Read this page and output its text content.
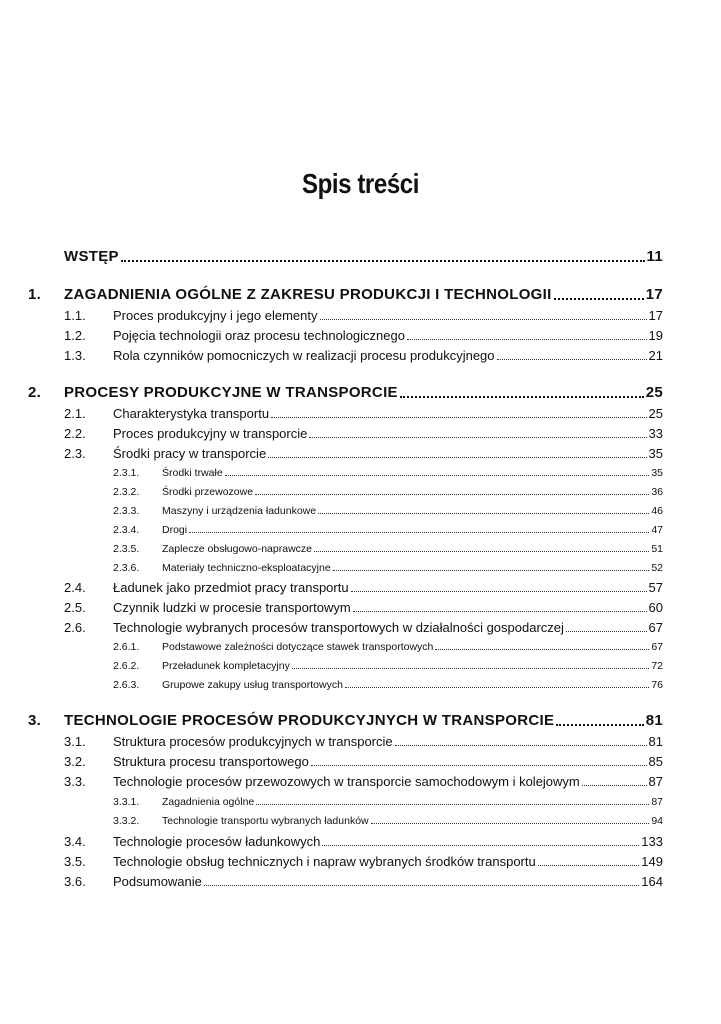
Spis treści
WSTĘP	11
1. ZAGADNIENIA OGÓLNE Z ZAKRESU PRODUKCJI I TECHNOLOGII	17
1.1. Proces produkcyjny i jego elementy	17
1.2. Pojęcia technologii oraz procesu technologicznego	19
1.3. Rola czynników pomocniczych w realizacji procesu produkcyjnego	21
2. PROCESY PRODUKCYJNE W TRANSPORCIE	25
2.1. Charakterystyka transportu	25
2.2. Proces produkcyjny w transporcie	33
2.3. Środki pracy w transporcie	35
2.3.1. Środki trwałe	35
2.3.2. Środki przewozowe	36
2.3.3. Maszyny i urządzenia ładunkowe	46
2.3.4. Drogi	47
2.3.5. Zaplecze obsługowo-naprawcze	51
2.3.6. Materiały techniczno-eksploatacyjne	52
2.4. Ładunek jako przedmiot pracy transportu	57
2.5. Czynnik ludzki w procesie transportowym	60
2.6. Technologie wybranych procesów transportowych w działalności gospodarczej	67
2.6.1. Podstawowe zależności dotyczące stawek transportowych	67
2.6.2. Przeładunek kompletacyjny	72
2.6.3. Grupowe zakupy usług transportowych	76
3. TECHNOLOGIE PROCESÓW PRODUKCYJNYCH W TRANSPORCIE	81
3.1. Struktura procesów produkcyjnych w transporcie	81
3.2. Struktura procesu transportowego	85
3.3. Technologie procesów przewozowych w transporcie samochodowym i kolejowym	87
3.3.1. Zagadnienia ogólne	87
3.3.2. Technologie transportu wybranych ładunków	94
3.4. Technologie procesów ładunkowych	133
3.5. Technologie obsług technicznych i napraw wybranych środków transportu	149
3.6. Podsumowanie	164
